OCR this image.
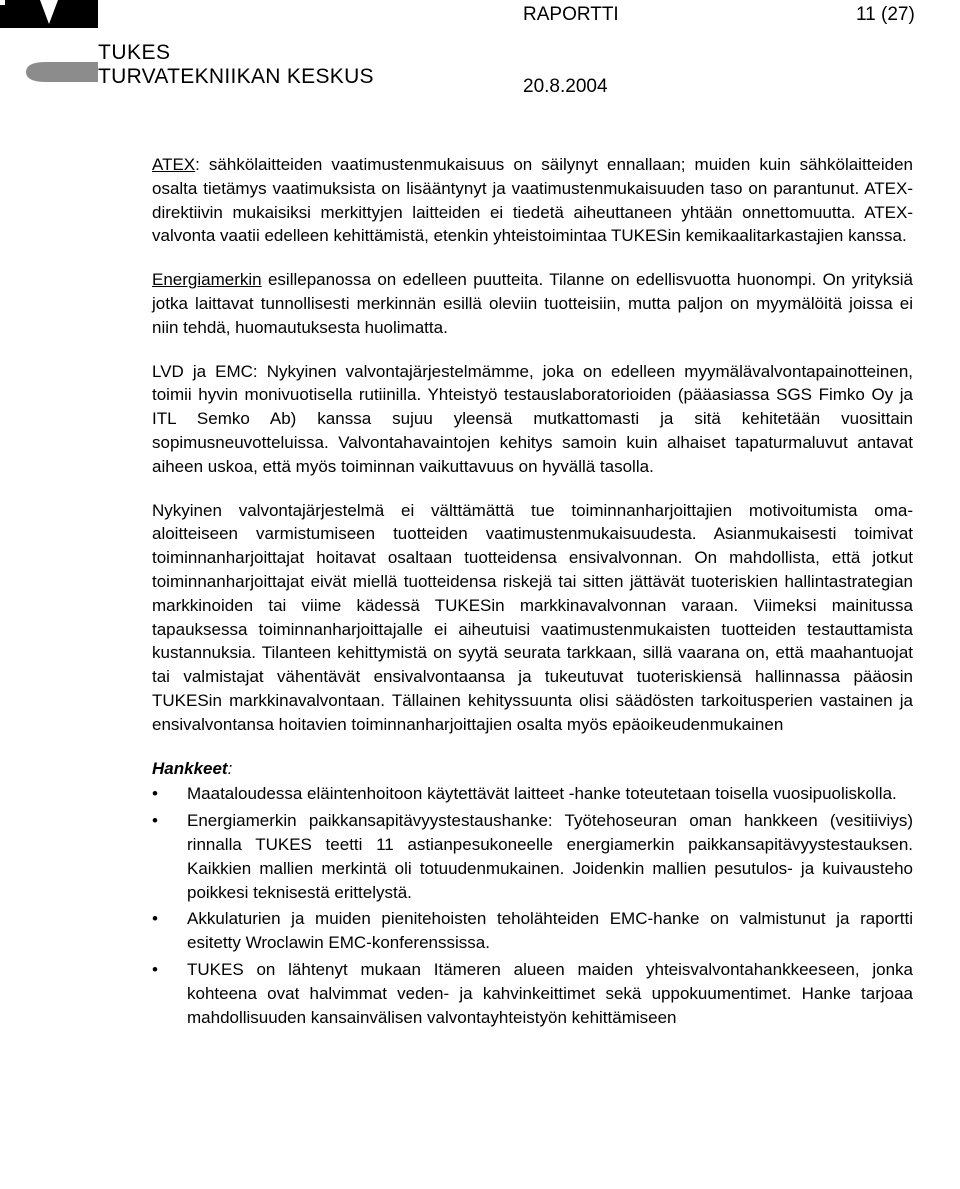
TUKES
TURVATEKNIIKAN KESKUS
RAPORTTI	11 (27)
20.8.2004

ATEX: sähkölaitteiden vaatimustenmukaisuus on säilynyt ennallaan; muiden kuin sähkölaitteiden osalta tietämys vaatimuksista on lisääntynyt ja vaatimustenmukaisuuden taso on parantunut. ATEX-direktiivin mukaisiksi merkittyjen laitteiden ei tiedetä aiheuttaneen yhtään onnettomuutta. ATEX-valvonta vaatii edelleen kehittämistä, etenkin yhteistoimintaa TUKESin kemikaalitarkastajien kanssa.

Energiamerkin esillepanossa on edelleen puutteita. Tilanne on edellisvuotta huonompi. On yrityksiä jotka laittavat tunnollisesti merkinnän esillä oleviin tuotteisiin, mutta paljon on myymälöitä joissa ei niin tehdä, huomautuksesta huolimatta.

LVD ja EMC: Nykyinen valvontajärjestelmämme, joka on edelleen myymälävalvontapainotteinen, toimii hyvin monivuotisella rutiinilla. Yhteistyö testauslaboratorioiden (pääasiassa SGS Fimko Oy ja ITL Semko Ab) kanssa sujuu yleensä mutkattomasti ja sitä kehitetään vuosittain sopimusneuvotteluissa. Valvontahavaintojen kehitys samoin kuin alhaiset tapaturmaluvut antavat aiheen uskoa, että myös toiminnan vaikuttavuus on hyvällä tasolla.

Nykyinen valvontajärjestelmä ei välttämättä tue toiminnanharjoittajien motivoitumista oma-aloitteiseen varmistumiseen tuotteiden vaatimustenmukaisuudesta. Asianmukaisesti toimivat toiminnanharjoittajat hoitavat osaltaan tuotteidensa ensivalvonnan. On mahdollista, että jotkut toiminnanharjoittajat eivät miellä tuotteidensa riskejä tai sitten jättävät tuoteriskien hallintastrategian markkinoiden tai viime kädessä TUKESin markkinavalvonnan varaan. Viimeksi mainitussa tapauksessa toiminnanharjoittajalle ei aiheutuisi vaatimustenmukaisten tuotteiden testauttamista kustannuksia. Tilanteen kehittymistä on syytä seurata tarkkaan, sillä vaarana on, että maahantuojat tai valmistajat vähentävät ensivalvontaansa ja tukeutuvat tuoteriskiensä hallinnassa pääosin TUKESin markkinavalvontaan. Tällainen kehityssuunta olisi säädösten tarkoitusperien vastainen ja ensivalvontansa hoitavien toiminnanharjoittajien osalta myös epäoikeudenmukainen

Hankkeet:
• Maataloudessa eläintenhoitoon käytettävät laitteet -hanke toteutetaan toisella vuosipuoliskolla.
• Energiamerkin paikkansapitävyystestaushanke: Työtehoseuran oman hankkeen (vesitiiviys) rinnalla TUKES teetti 11 astianpesukoneelle energiamerkin paikkansapitävyystestauksen. Kaikkien mallien merkintä oli totuudenmukainen. Joidenkin mallien pesutulos- ja kuivausteho poikkesi teknisestä erittelystä.
• Akkulaturien ja muiden pienitehoisten teholähteiden EMC-hanke on valmistunut ja raportti esitetty Wroclawin EMC-konferenssissa.
• TUKES on lähtenyt mukaan Itämeren alueen maiden yhteisvalvontahankkeeseen, jonka kohteena ovat halvimmat veden- ja kahvinkeittimet sekä uppokuumentimet. Hanke tarjoaa mahdollisuuden kansainvälisen valvontayhteistyön kehittämiseen
